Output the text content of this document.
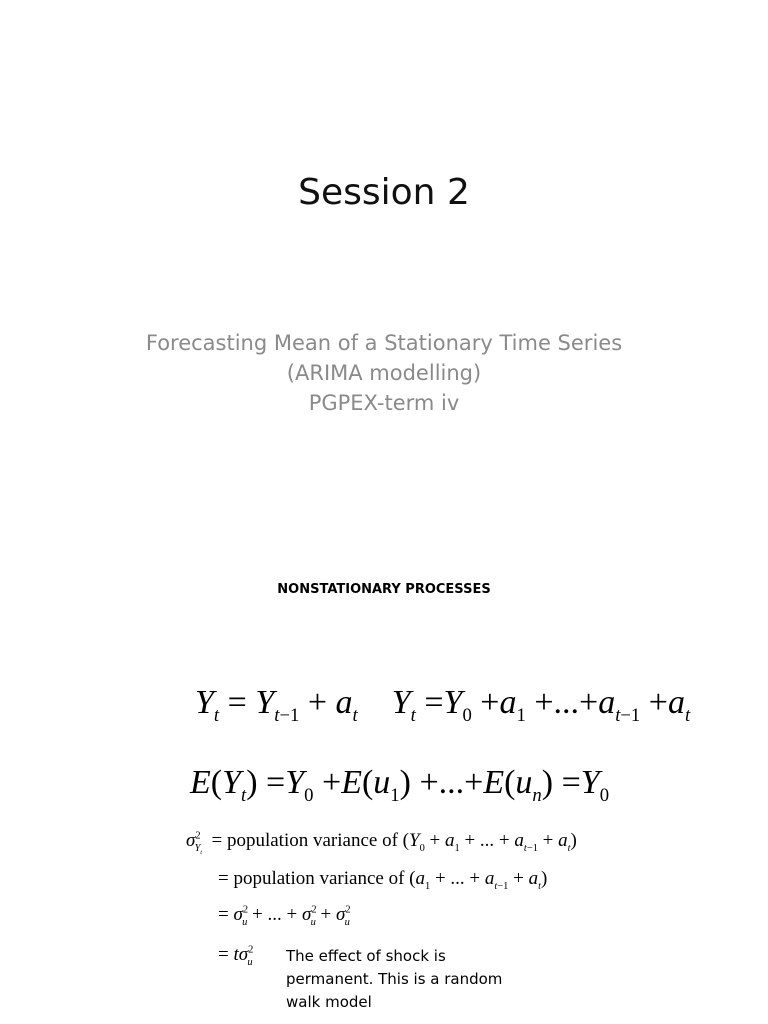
Session 2
Forecasting Mean of a Stationary Time Series
(ARIMA modelling)
PGPEX-term iv
NONSTATIONARY PROCESSES
$Y_t = Y_{t-1} + a_t$ $Y_t =Y_0 +a_1 +...+a_{t-1} +a_t$
$E(Y_t) =Y_0 +E(u_1) +...+E(u_n) =Y_0$
$\sigma^2_{Y_t}$  = population variance of ($Y_0 + a_1$ + ... + $a_{t-1} + a_t$)
= population variance of ($a_1$ + ... + $a_{t-1} + a_t$)
= $\sigma^2_u$ + ... + $\sigma^2_u + \sigma^2_u$
= $t\sigma^2_u$ The effect of shock is permanent. This is a random walk model
